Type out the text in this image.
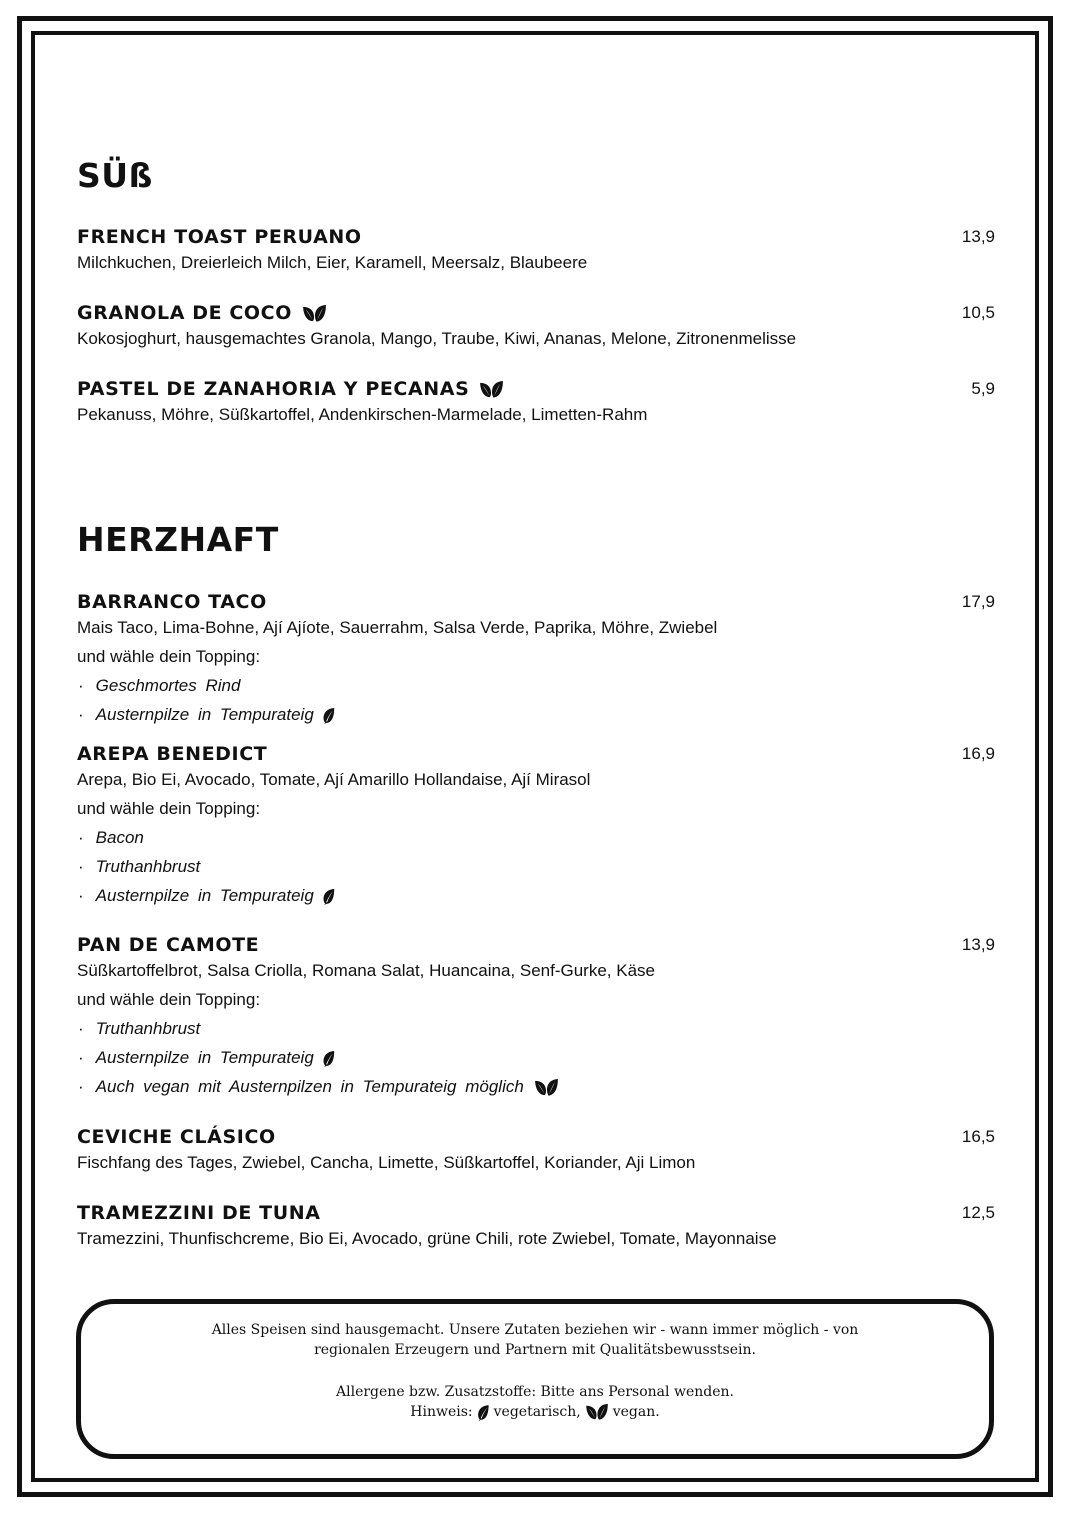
SÜß
FRENCH TOAST PERUANO	13,9
Milchkuchen, Dreierleich Milch, Eier, Karamell, Meersalz, Blaubeere
GRANOLA DE COCO	10,5
Kokosjoghurt, hausgemachtes Granola, Mango, Traube, Kiwi, Ananas, Melone, Zitronenmelisse
PASTEL DE ZANAHORIA Y PECANAS	5,9
Pekanuss, Möhre, Süßkartoffel, Andenkirschen-Marmelade, Limetten-Rahm
HERZHAFT
BARRANCO TACO	17,9
Mais Taco, Lima-Bohne, Ají Ajíote, Sauerrahm, Salsa Verde, Paprika, Möhre, Zwiebel
und wähle dein Topping:
· Geschmortes Rind
· Austernpilze in Tempurateig
AREPA BENEDICT	16,9
Arepa, Bio Ei, Avocado, Tomate, Ají Amarillo Hollandaise, Ají Mirasol
und wähle dein Topping:
· Bacon
· Truthanhbrust
· Austernpilze in Tempurateig
PAN DE CAMOTE	13,9
Süßkartoffelbrot, Salsa Criolla, Romana Salat, Huancaina, Senf-Gurke, Käse
und wähle dein Topping:
· Truthanhbrust
· Austernpilze in Tempurateig
· Auch vegan mit Austernpilzen in Tempurateig möglich
CEVICHE CLÁSICO	16,5
Fischfang des Tages, Zwiebel, Cancha, Limette, Süßkartoffel, Koriander, Aji Limon
TRAMEZZINI DE TUNA	12,5
Tramezzini, Thunfischcreme, Bio Ei, Avocado, grüne Chili, rote Zwiebel, Tomate, Mayonnaise

Alles Speisen sind hausgemacht. Unsere Zutaten beziehen wir - wann immer möglich - von

regionalen Erzeugern und Partnern mit Qualitätsbewusstsein.

Allergene bzw. Zusatzstoffe: Bitte ans Personal wenden.

Hinweis: vegetarisch, vegan.
